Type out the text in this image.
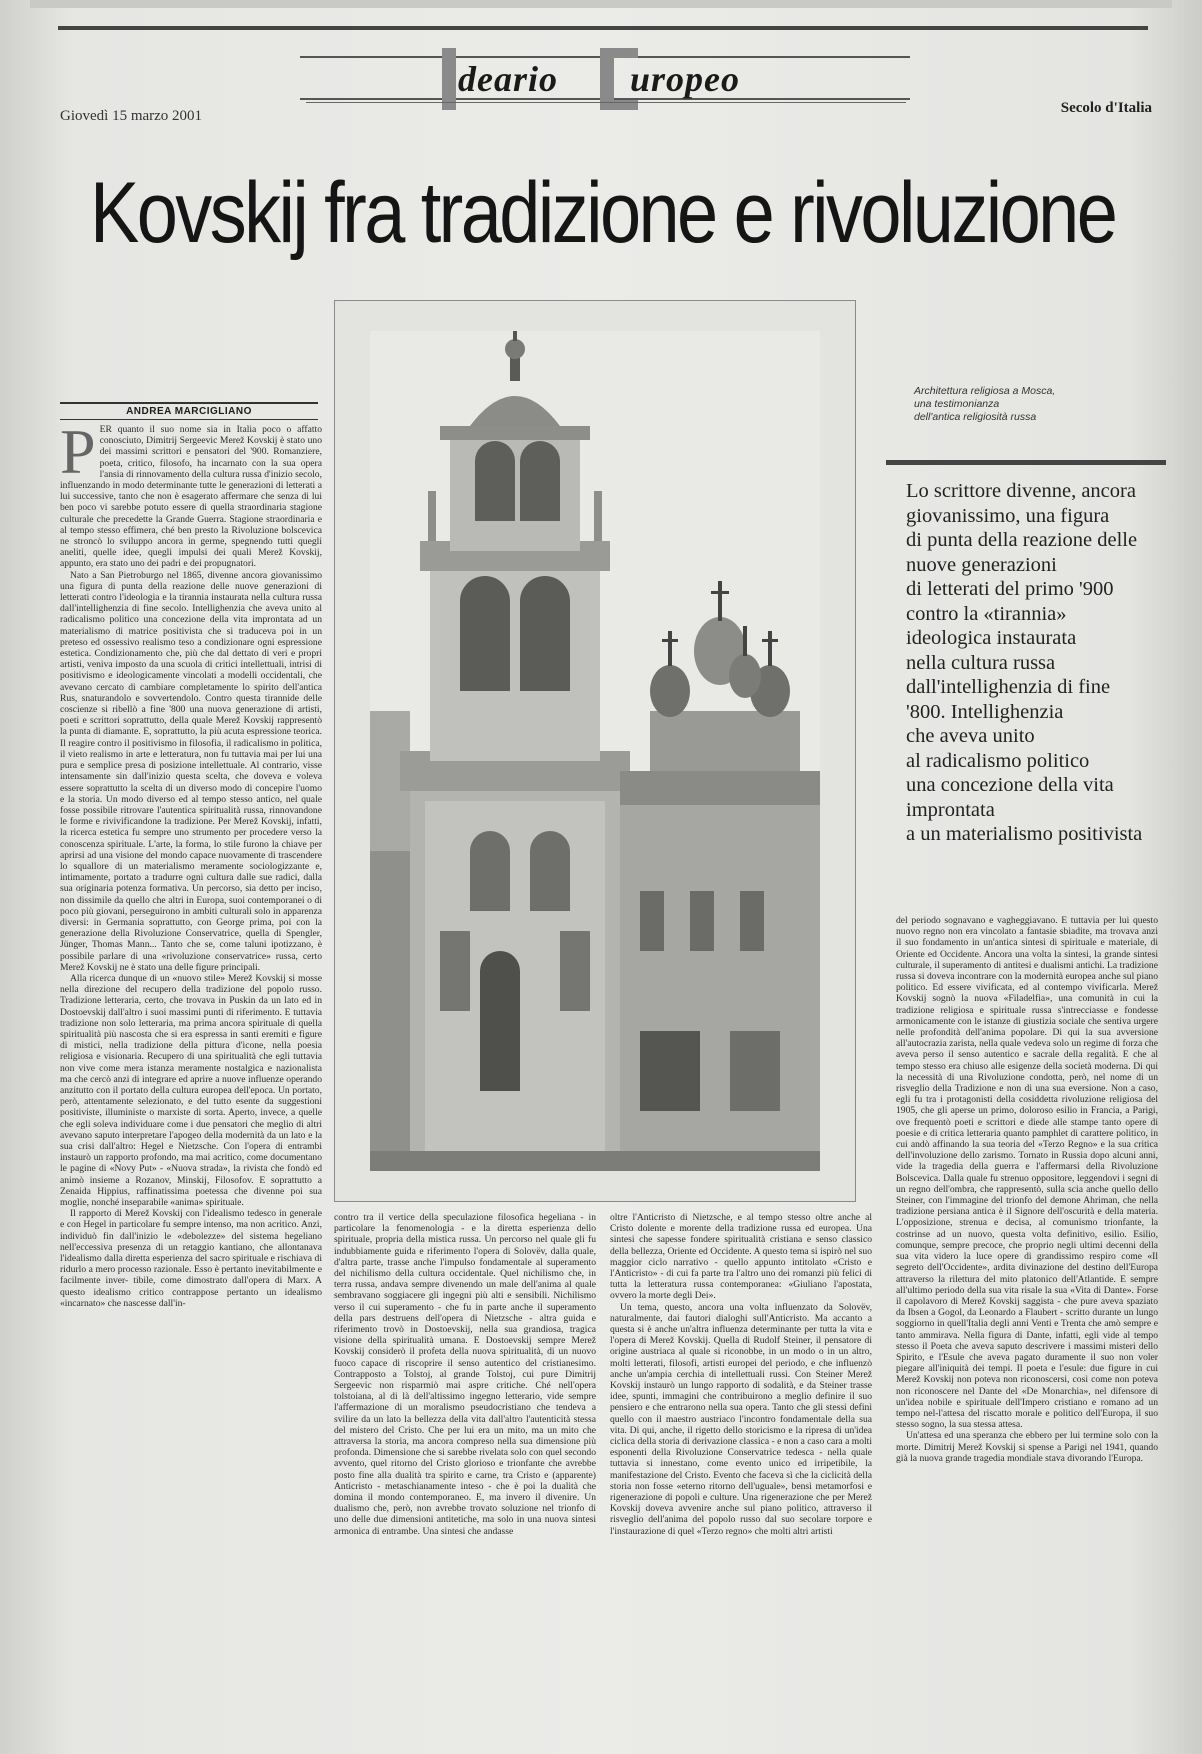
deario uropeo
Giovedì 15 marzo 2001	Secolo d'Italia
Kovskij fra tradizione e rivoluzione
ANDREA MARCIGLIANO

PER quanto il suo nome sia in Italia poco o affatto conosciuto, Dimitrij Sergeevic Merež Kovskij è stato uno dei massimi scrittori e pensatori del '900. Romanziere, poeta, critico, filosofo, ha incarnato con la sua opera l'ansia di rinnovamento della cultura russa d'inizio secolo, influenzando in modo determinante tutte le generazioni di letterati a lui successive, tanto che non è esagerato affermare che senza di lui ben poco vi sarebbe potuto essere di quella straordinaria stagione culturale che precedette la Grande Guerra. Stagione straordinaria e al tempo stesso effimera, ché ben presto la Rivoluzione bolscevica ne stroncò lo sviluppo ancora in germe, spegnendo tutti quegli aneliti, quelle idee, quegli impulsi dei quali Merež Kovskij, appunto, era stato uno dei padri e dei propugnatori.

Nato a San Pietroburgo nel 1865, divenne ancora giovanissimo una figura di punta della reazione delle nuove generazioni di letterati contro l'ideologia e la tirannia instaurata nella cultura russa dall'intellighenzia di fine secolo. Intellighenzia che aveva unito al radicalismo politico una concezione della vita improntata ad un materialismo di matrice positivista che si traduceva poi in un preteso ed ossessivo realismo teso a condizionare ogni espressione estetica. Condizionamento che, più che dal dettato di veri e propri artisti, veniva imposto da una scuola di critici intellettuali, intrisi di positivismo e ideologicamente vincolati a modelli occidentali, che avevano cercato di cambiare completamente lo spirito dell'antica Rus, snaturandolo e sovvertendolo. Contro questa tirannide delle coscienze si ribellò a fine '800 una nuova generazione di artisti, poeti e scrittori soprattutto, della quale Merež Kovskij rappresentò la punta di diamante. E, soprattutto, la più acuta espressione teorica. Il reagire contro il positivismo in filosofia, il radicalismo in politica, il vieto realismo in arte e letteratura, non fu tuttavia mai per lui una pura e semplice presa di posizione intellettuale. Al contrario, visse intensamente sin dall'inizio questa scelta, che doveva e voleva essere soprattutto la scelta di un diverso modo di concepire l'uomo e la storia. Un modo diverso ed al tempo stesso antico, nel quale fosse possibile ritrovare l'autentica spiritualità russa, rinnovandone le forme e rivivificandone la tradizione. Per Merež Kovskij, infatti, la ricerca estetica fu sempre uno strumento per procedere verso la conoscenza spirituale. L'arte, la forma, lo stile furono la chiave per aprirsi ad una visione del mondo capace nuovamente di trascendere lo squallore di un materialismo meramente sociologizzante e, intimamente, portato a tradurre ogni cultura dalle sue radici, dalla sua originaria potenza formativa. Un percorso, sia detto per inciso, non dissimile da quello che altri in Europa, suoi contemporanei o di poco più giovani, perseguirono in ambiti culturali solo in apparenza diversi: in Germania soprattutto, con George prima, poi con la generazione della Rivoluzione Conservatrice, quella di Spengler, Jünger, Thomas Mann... Tanto che se, come taluni ipotizzano, è possibile parlare di una «rivoluzione conservatrice» russa, certo Merež Kovskij ne è stato una delle figure principali.

Alla ricerca dunque di un «nuovo stile» Merež Kovskij si mosse nella direzione del recupero della tradizione del popolo russo. Tradizione letteraria, certo, che trovava in Puskin da un lato ed in Dostoevskij dall'altro i suoi massimi punti di riferimento. E tuttavia tradizione non solo letteraria, ma prima ancora spirituale di quella spiritualità più nascosta che si era espressa in santi eremiti e figure di mistici, nella tradizione della pittura d'icone, nella poesia religiosa e visionaria. Recupero di una spiritualità che egli tuttavia non vive come mera istanza meramente nostalgica e nazionalista ma che cercò anzi di integrare ed aprire a nuove influenze operando anzitutto con il portato della cultura europea dell'epoca. Un portato, però, attentamente selezionato, e del tutto esente da suggestioni positiviste, illuministe o marxiste di sorta. Aperto, invece, a quelle che egli soleva individuare come i due pensatori che meglio di altri avevano saputo interpretare l'apogeo della modernità da un lato e la sua crisi dall'altro: Hegel e Nietzsche. Con l'opera di entrambi instaurò un rapporto profondo, ma mai acritico, come documentano le pagine di «Novy Put» - «Nuova strada», la rivista che fondò ed animò insieme a Rozanov, Minskij, Filosofov. E soprattutto a Zenaida Hippius, raffinatissima poetessa che divenne poi sua moglie, nonché inseparabile «anima» spirituale.

Il rapporto di Merež Kovskij con l'idealismo tedesco in generale e con Hegel in particolare fu sempre intenso, ma non acritico. Anzi, individuò fin dall'inizio le «debolezze» del sistema hegeliano nell'eccessiva presenza di un retaggio kantiano, che allontanava l'idealismo dalla diretta esperienza del sacro spirituale e rischiava di ridurlo a mero processo razionale. Esso è pertanto inevitabilmente e facilmente inver- tibile, come dimostrato dall'opera di Marx. A questo idealismo critico contrappose pertanto un idealismo «incarnato» che nascesse dall'in-

Architettura religiosa a Mosca,
una testimonianza
dell'antica religiosità russa
Lo scrittore divenne, ancora
giovanissimo, una figura
di punta della reazione delle
nuove generazioni
di letterati del primo '900
contro la «tirannia»
ideologica instaurata
nella cultura russa
dall'intellighenzia di fine
'800. Intellighenzia
che aveva unito
al radicalismo politico
una concezione della vita
improntata
a un materialismo positivista

contro tra il vertice della speculazione filosofica hegeliana - in particolare la fenomenologia - e la diretta esperienza dello spirituale, propria della mistica russa. Un percorso nel quale gli fu indubbiamente guida e riferimento l'opera di Solovëv, dalla quale, d'altra parte, trasse anche l'impulso fondamentale al superamento del nichilismo della cultura occidentale. Quel nichilismo che, in terra russa, andava sempre divenendo un male dell'anima al quale sembravano soggiacere gli ingegni più alti e sensibili. Nichilismo verso il cui superamento - che fu in parte anche il superamento della pars destruens dell'opera di Nietzsche - altra guida e riferimento trovò in Dostoevskij, nella sua grandiosa, tragica visione della spiritualità umana. E Dostoevskij sempre Merež Kovskij considerò il profeta della nuova spiritualità, di un nuovo fuoco capace di riscoprire il senso autentico del cristianesimo. Contrapposto a Tolstoj, al grande Tolstoj, cui pure Dimitrij Sergeevic non risparmiò mai aspre critiche. Ché nell'opera tolstoiana, al di là dell'altissimo ingegno letterario, vide sempre l'affermazione di un moralismo pseudocristiano che tendeva a svilire da un lato la bellezza della vita dall'altro l'autenticità stessa del mistero del Cristo. Che per lui era un mito, ma un mito che attraversa la storia, ma ancora compreso nella sua dimensione più profonda. Dimensione che si sarebbe rivelata solo con quel secondo avvento, quel ritorno del Cristo glorioso e trionfante che avrebbe posto fine alla dualità tra spirito e carne, tra Cristo e (apparente) Anticristo - metaschianamente inteso - che è poi la dualità che domina il mondo contemporaneo. E, ma invero il divenire. Un dualismo che, però, non avrebbe trovato soluzione nel trionfo di uno delle due dimensioni antitetiche, ma solo in una nuova sintesi armonica di entrambe. Una sintesi che andasse

oltre l'Anticristo di Nietzsche, e al tempo stesso oltre anche al Cristo dolente e morente della tradizione russa ed europea. Una sintesi che sapesse fondere spiritualità cristiana e senso classico della bellezza, Oriente ed Occidente. A questo tema si ispirò nel suo maggior ciclo narrativo - quello appunto intitolato «Cristo e l'Anticristo» - di cui fa parte tra l'altro uno dei romanzi più felici di tutta la letteratura russa contemporanea: «Giuliano l'apostata, ovvero la morte degli Dei».

Un tema, questo, ancora una volta influenzato da Solovëv, naturalmente, dai fautori dialoghi sull'Anticristo. Ma accanto a questa si è anche un'altra influenza determinante per tutta la vita e l'opera di Merež Kovskij. Quella di Rudolf Steiner, il pensatore di origine austriaca al quale si riconobbe, in un modo o in un altro, molti letterati, filosofi, artisti europei del periodo, e che influenzò anche un'ampia cerchia di intellettuali russi. Con Steiner Merež Kovskij instaurò un lungo rapporto di sodalità, e da Steiner trasse idee, spunti, immagini che contribuirono a meglio definire il suo pensiero e che entrarono nella sua opera. Tanto che gli stessi definì quello con il maestro austriaco l'incontro fondamentale della sua vita. Di qui, anche, il rigetto dello storicismo e la ripresa di un'idea ciclica della storia di derivazione classica - e non a caso cara a molti esponenti della Rivoluzione Conservatrice tedesca - nella quale tuttavia si innestano, come evento unico ed irripetibile, la manifestazione del Cristo. Evento che faceva sì che la ciclicità della storia non fosse «eterno ritorno dell'uguale», bensì metamorfosi e rigenerazione di popoli e culture. Una rigenerazione che per Merež Kovskij doveva avvenire anche sul piano politico, attraverso il risveglio dell'anima del popolo russo dal suo secolare torpore e l'instaurazione di quel «Terzo regno» che molti altri artisti

del periodo sognavano e vagheggiavano. E tuttavia per lui questo nuovo regno non era vincolato a fantasie sbiadite, ma trovava anzi il suo fondamento in un'antica sintesi di spirituale e materiale, di Oriente ed Occidente. Ancora una volta la sintesi, la grande sintesi culturale, il superamento di antitesi e dualismi antichi. La tradizione russa si doveva incontrare con la modernità europea anche sul piano politico. Ed essere vivificata, ed al contempo vivificarla. Merež Kovskij sognò la nuova «Filadelfia», una comunità in cui la tradizione religiosa e spirituale russa s'intrecciasse e fondesse armonicamente con le istanze di giustizia sociale che sentiva urgere nelle profondità dell'anima popolare. Di qui la sua avversione all'autocrazia zarista, nella quale vedeva solo un regime di forza che aveva perso il senso autentico e sacrale della regalità. E che al tempo stesso era chiuso alle esigenze della società moderna. Di qui la necessità di una Rivoluzione condotta, però, nel nome di un risveglio della Tradizione e non di una sua eversione. Non a caso, egli fu tra i protagonisti della cosiddetta rivoluzione religiosa del 1905, che gli aperse un primo, doloroso esilio in Francia, a Parigi, ove frequentò poeti e scrittori e diede alle stampe tanto opere di poesie e di critica letteraria quanto pamphlet di carattere politico, in cui andò affinando la sua teoria del «Terzo Regno» e la sua critica dell'involuzione dello zarismo. Tornato in Russia dopo alcuni anni, vide la tragedia della guerra e l'affermarsi della Rivoluzione Bolscevica. Dalla quale fu strenuo oppositore, leggendovi i segni di un regno dell'ombra, che rappresentò, sulla scia anche quello dello Steiner, con l'immagine del trionfo del demone Ahriman, che nella tradizione persiana antica è il Signore dell'oscurità e della materia. L'opposizione, strenua e decisa, al comunismo trionfante, la costrinse ad un nuovo, questa volta definitivo, esilio. Esilio, comunque, sempre precoce, che proprio negli ultimi decenni della sua vita videro la luce opere di grandissimo respiro come «Il segreto dell'Occidente», ardita divinazione del destino dell'Europa attraverso la rilettura del mito platonico dell'Atlantide. E sempre all'ultimo periodo della sua vita risale la sua «Vita di Dante». Forse il capolavoro di Merež Kovskij saggista - che pure aveva spaziato da Ibsen a Gogol, da Leonardo a Flaubert - scritto durante un lungo soggiorno in quell'Italia degli anni Venti e Trenta che amò sempre e tanto ammirava. Nella figura di Dante, infatti, egli vide al tempo stesso il Poeta che aveva saputo descrivere i massimi misteri dello Spirito, e l'Esule che aveva pagato duramente il suo non voler piegare all'iniquità dei tempi. Il poeta e l'esule: due figure in cui Merež Kovskij non poteva non riconoscersi, così come non poteva non riconoscere nel Dante del «De Monarchia», nel difensore di un'idea nobile e spirituale dell'Impero cristiano e romano ad un tempo nel-l'attesa del riscatto morale e politico dell'Europa, il suo stesso sogno, la sua stessa attesa.

Un'attesa ed una speranza che ebbero per lui termine solo con la morte. Dimitrij Merež Kovskij si spense a Parigi nel 1941, quando già la nuova grande tragedia mondiale stava divorando l'Europa.
